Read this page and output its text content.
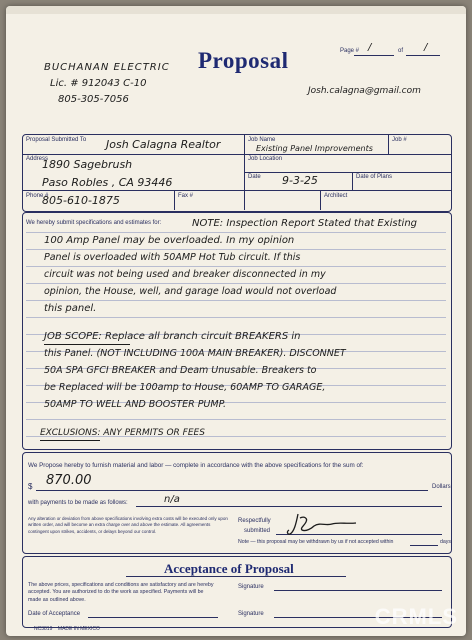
Proposal	Page # /	of /
BUCHANAN ELECTRIC
Lic. # 912043 C-10
805-305-7056
Josh.calagna@gmail.com
Proposal Submitted To Josh Calagna Realtor	Job Name
Existing Panel Improvements
Job #
Address
1890 Sagebrush
Paso Robles , CA 93446
Job Location
Date 9-3-25	Date of Plans
Phone #
805-610-1875	Fax #	Architect
We hereby submit specifications and estimates for:	NOTE: Inspection Report Stated that Existing
100 Amp Panel may be overloaded. In my opinion
Panel is overloaded with 50AMP Hot Tub circuit. If this
circuit was not being used and breaker disconnected in my
opinion, the House, well, and garage load would not overload
this panel.
JOB SCOPE: Replace all branch circuit BREAKERS in
this Panel. (NOT INCLUDING 100A MAIN BREAKER). DISCONNET
50A SPA GFCI BREAKER and Deam Unusable. Breakers to
be Replaced will be 100amp to House, 60AMP TO GARAGE,
50AMP TO WELL AND BOOSTER PUMP.
EXCLUSIONS: ANY PERMITS OR FEES
We Propose hereby to furnish material and labor — complete in accordance with the above specifications for the sum of:
$ 870.00	Dollars
with payments to be made as follows:	n/a
Any alteration or deviation from above specifications involving extra costs will be executed only upon written order, and will become an extra charge over and above the estimate. All agreements contingent upon strikes, accidents, or delays beyond our control.
Respectfully
submitted
Note — this proposal may be withdrawn by us if not accepted within	days.
Acceptance of Proposal
The above prices, specifications and conditions are satisfactory and are hereby accepted. You are authorized to do the work as specified. Payments will be made as outlined above.
Signature
Date of Acceptance	Signature
NC3819 MADE IN MEXICO	CRMLS
